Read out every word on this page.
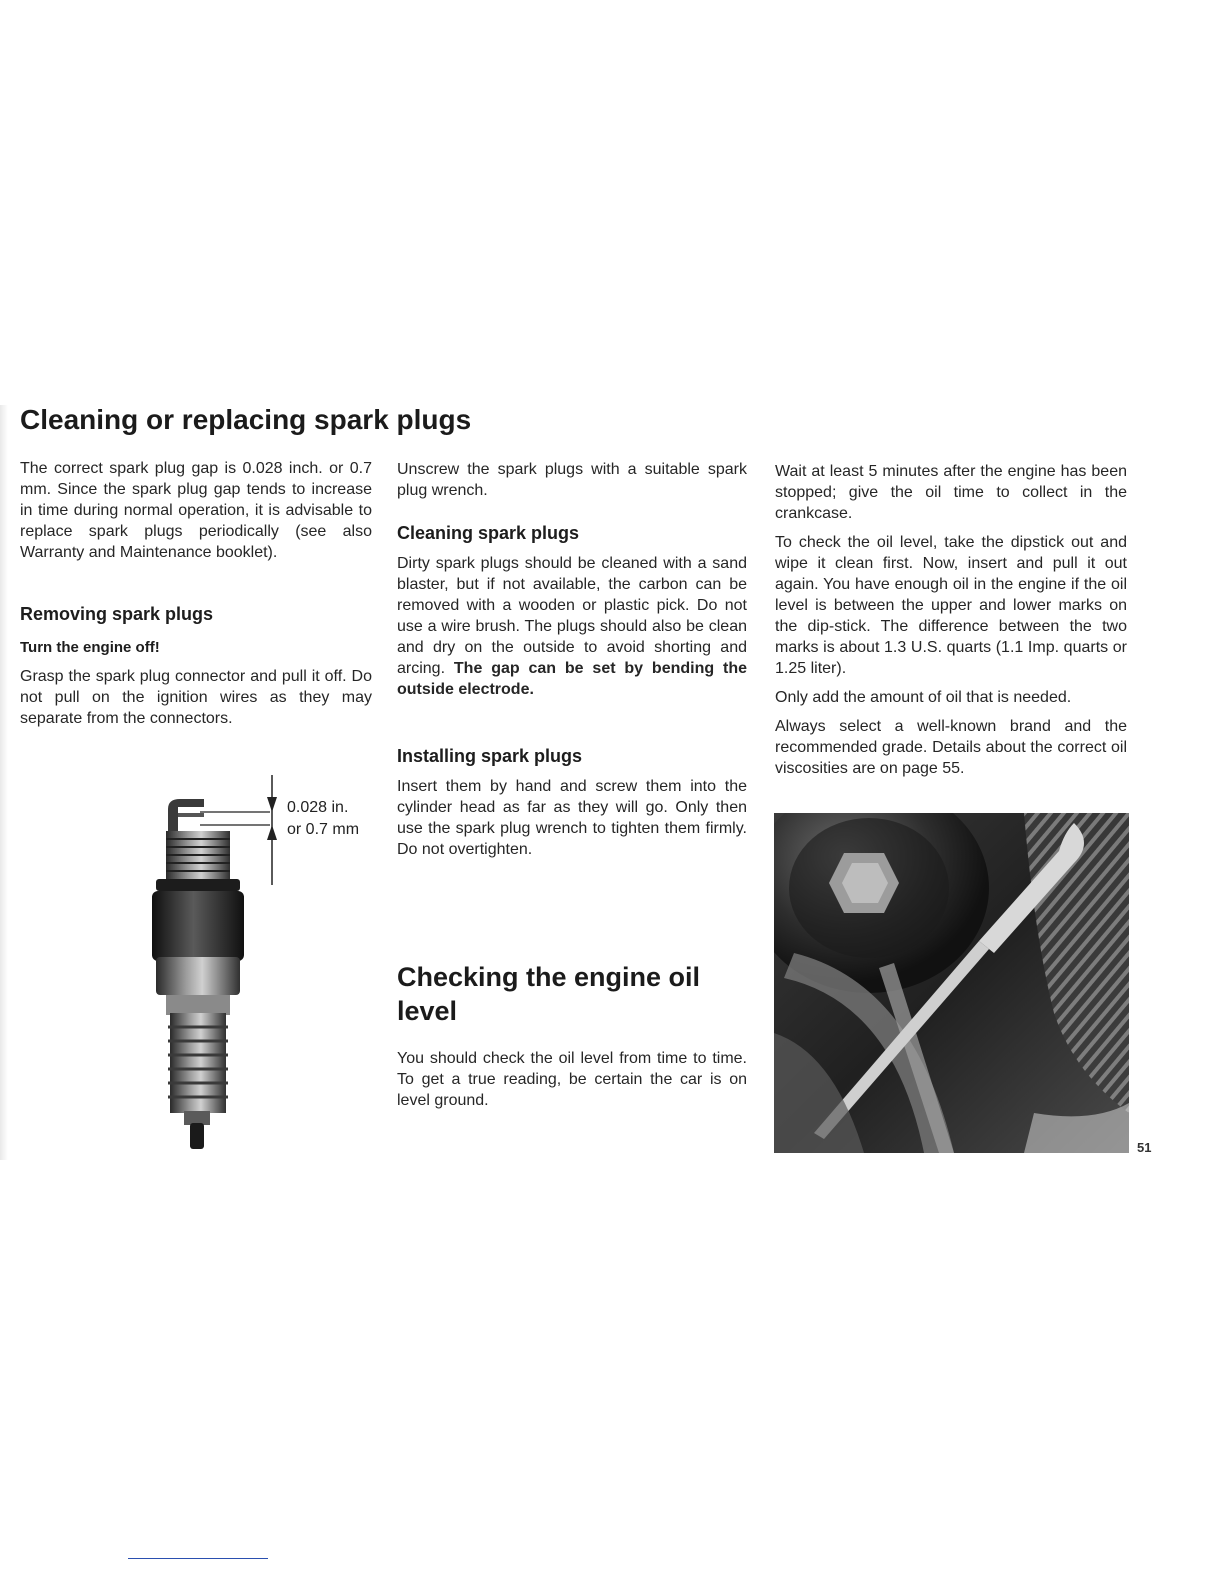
Cleaning or replacing spark plugs

The correct spark plug gap is 0.028 inch. or 0.7 mm. Since the spark plug gap tends to increase in time during normal operation, it is advisable to replace spark plugs periodically (see also Warranty and Maintenance booklet).

Removing spark plugs
Turn the engine off!

Grasp the spark plug connector and pull it off. Do not pull on the ignition wires as they may separate from the connectors.

0.028 in.
or 0.7 mm

Unscrew the spark plugs with a suitable spark plug wrench.

Cleaning spark plugs

Dirty spark plugs should be cleaned with a sand blaster, but if not available, the carbon can be removed with a wooden or plastic pick. Do not use a wire brush. The plugs should also be clean and dry on the outside to avoid shorting and arcing. The gap can be set by bending the outside electrode.

Installing spark plugs

Insert them by hand and screw them into the cylinder head as far as they will go. Only then use the spark plug wrench to tighten them firmly. Do not overtighten.

Checking the engine oil level

You should check the oil level from time to time. To get a true reading, be certain the car is on level ground.

Wait at least 5 minutes after the engine has been stopped; give the oil time to collect in the crankcase.

To check the oil level, take the dipstick out and wipe it clean first. Now, insert and pull it out again. You have enough oil in the engine if the oil level is between the upper and lower marks on the dip-stick. The difference between the two marks is about 1.3 U.S. quarts (1.1 Imp. quarts or 1.25 liter).

Only add the amount of oil that is needed.

Always select a well-known brand and the recommended grade. Details about the correct oil viscosities are on page 55.

51
